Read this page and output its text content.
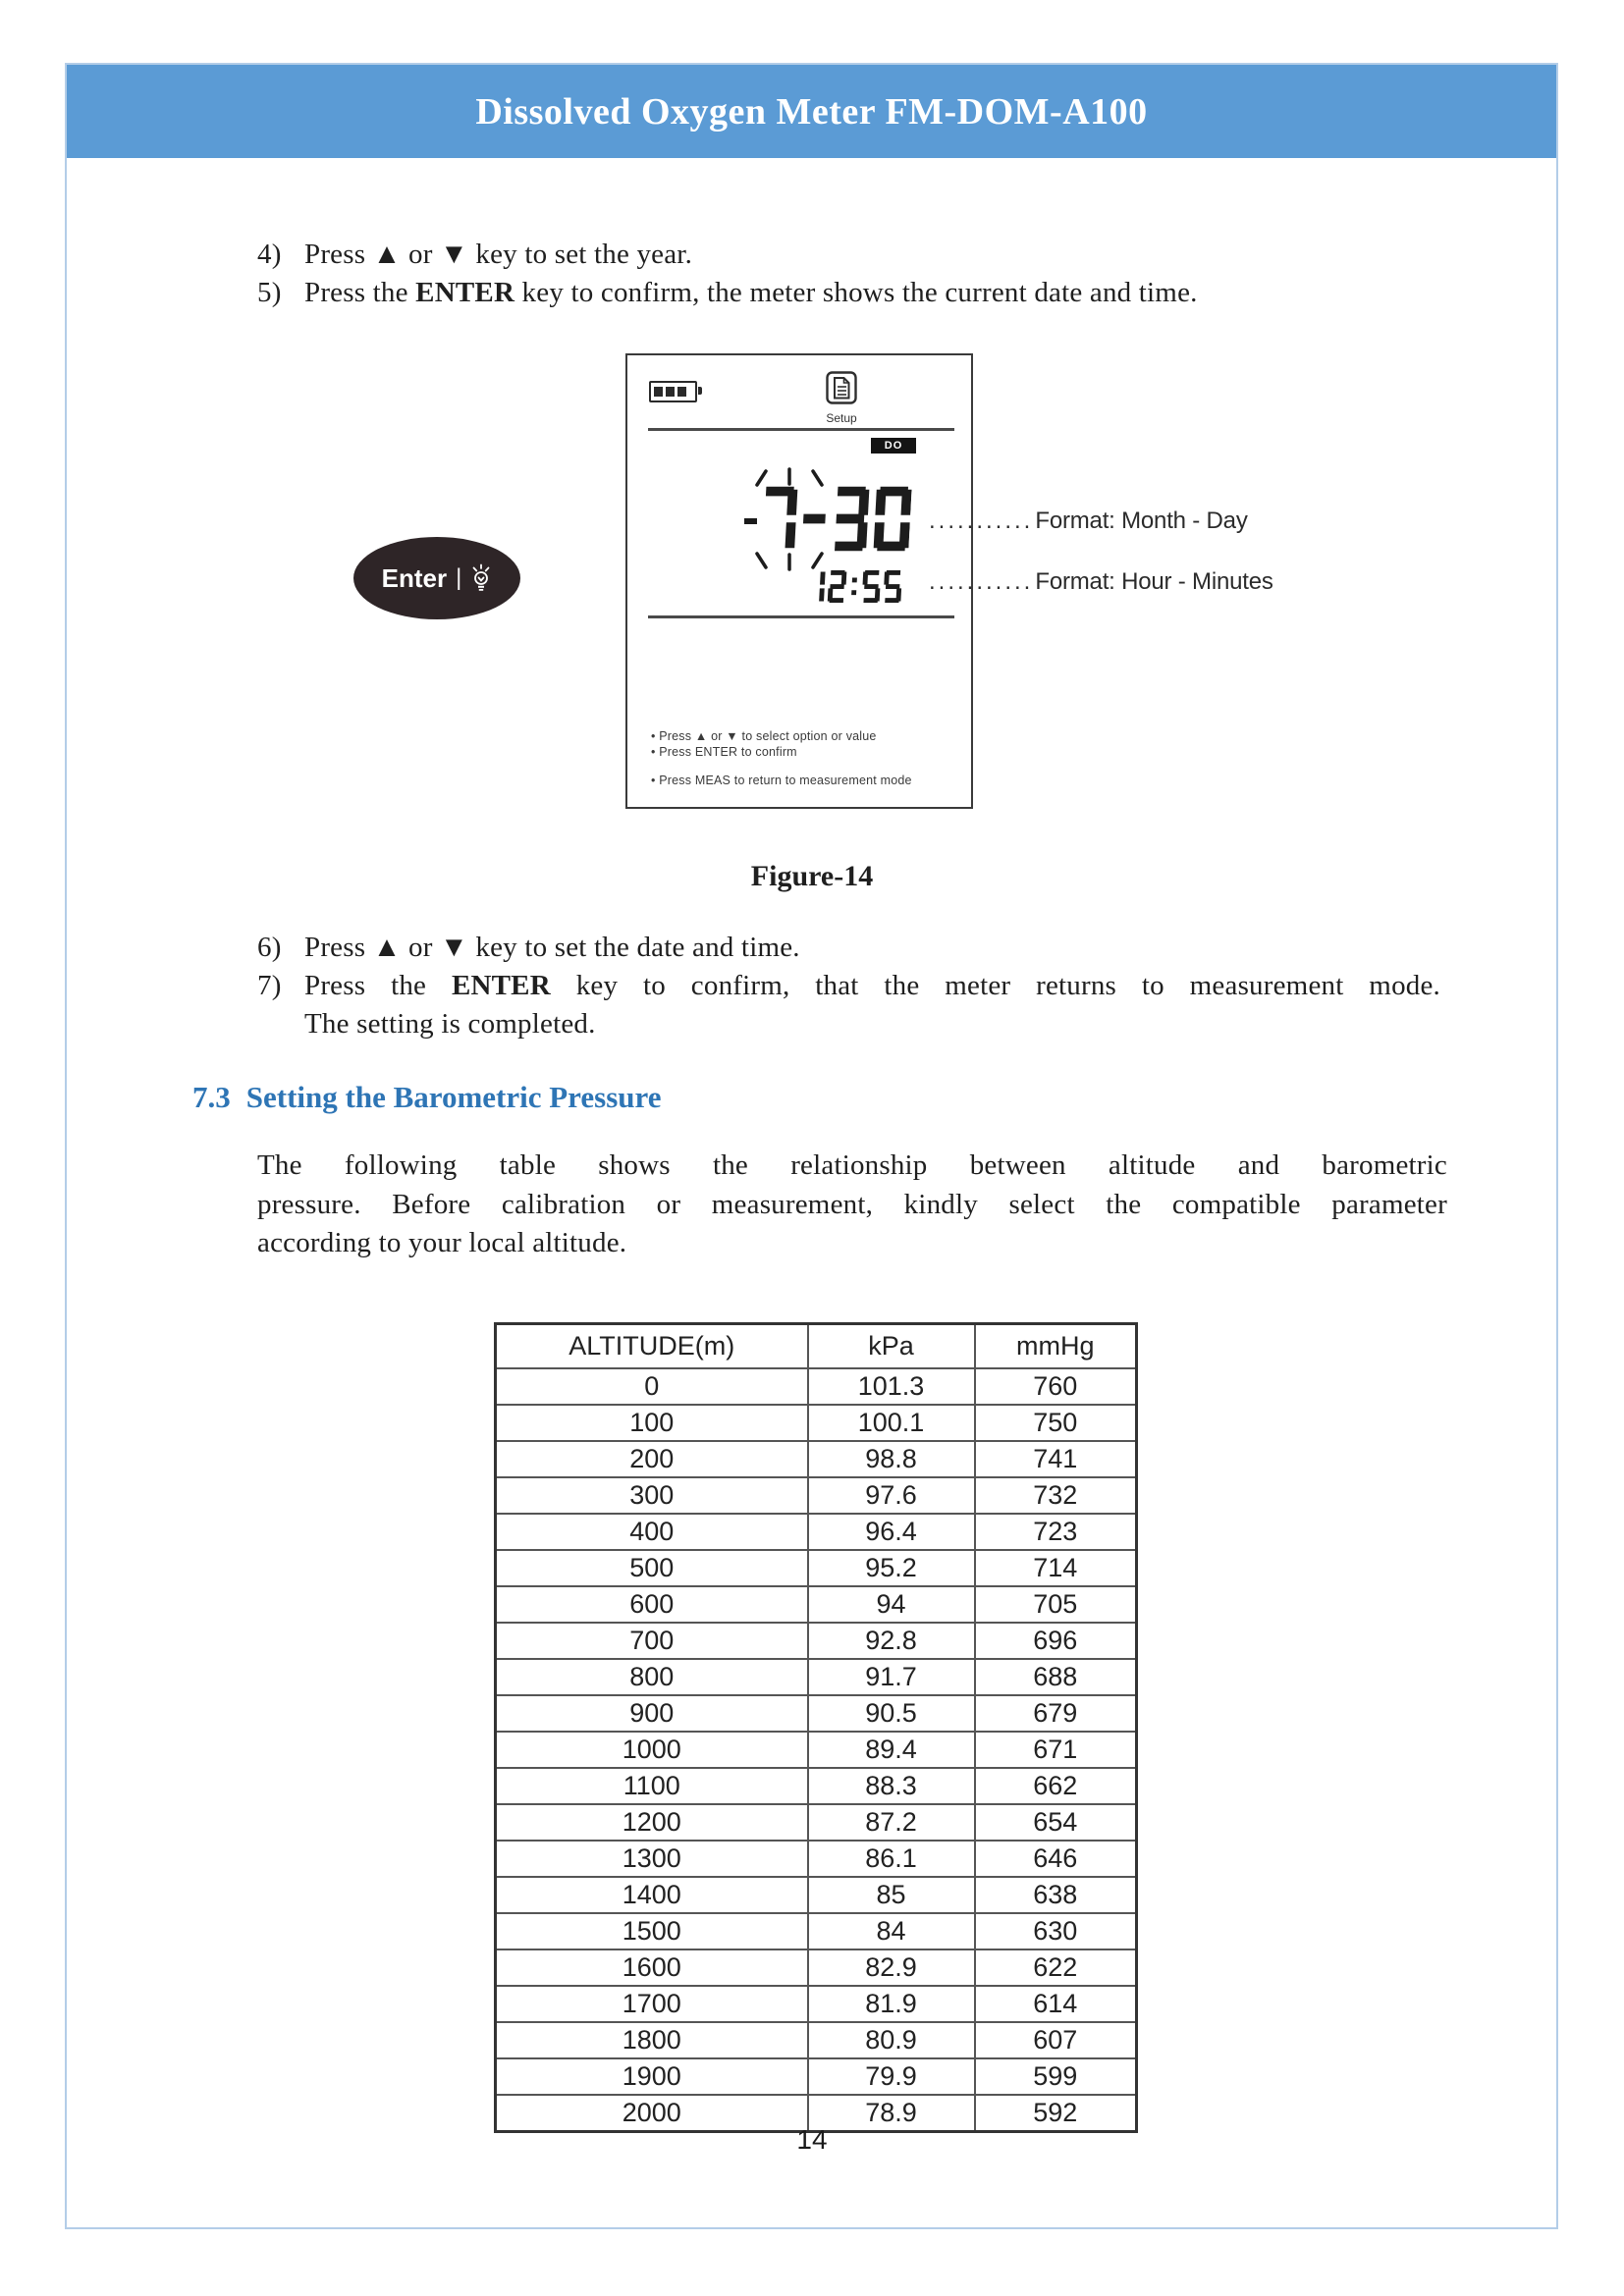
Dissolved Oxygen Meter FM-DOM-A100
4) Press ▲ or ▼ key to set the year.
5) Press the ENTER key to confirm, the meter shows the current date and time.
Enter |
Setup
DO
• Press ▲ or ▼ to select option or value
• Press ENTER to confirm
• Press MEAS to return to measurement mode
...........Format: Month - Day
...........Format: Hour - Minutes
Figure-14
6) Press ▲ or ▼ key to set the date and time.
7) Press the ENTER key to confirm, that the meter returns to measurement mode.
The setting is completed.
7.3 Setting the Barometric Pressure
The following table shows the relationship between altitude and barometric
pressure. Before calibration or measurement, kindly select the compatible parameter
according to your local altitude.
ALTITUDE(m)	kPa	mmHg
0	101.3	760
100	100.1	750
200	98.8	741
300	97.6	732
400	96.4	723
500	95.2	714
600	94	705
700	92.8	696
800	91.7	688
900	90.5	679
1000	89.4	671
1100	88.3	662
1200	87.2	654
1300	86.1	646
1400	85	638
1500	84	630
1600	82.9	622
1700	81.9	614
1800	80.9	607
1900	79.9	599
2000	78.9	592
14
